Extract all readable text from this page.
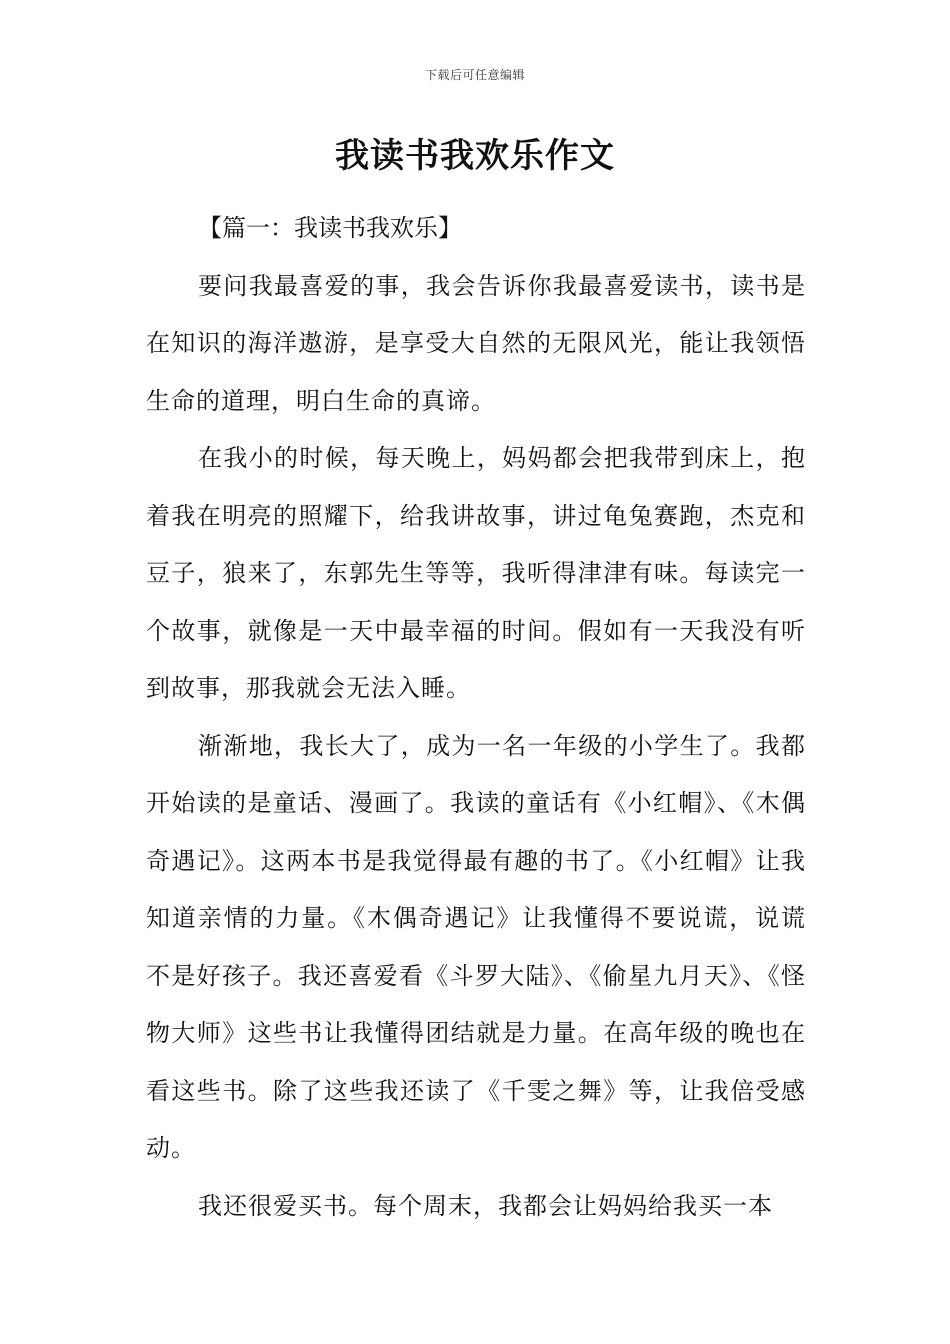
下载后可任意编辑
我读书我欢乐作文

【篇一：我读书我欢乐】

要问我最喜爱的事，我会告诉你我最喜爱读书，读书是在知识的海洋遨游，是享受大自然的无限风光，能让我领悟生命的道理，明白生命的真谛。

在我小的时候，每天晚上，妈妈都会把我带到床上，抱着我在明亮的照耀下，给我讲故事，讲过龟兔赛跑，杰克和豆子，狼来了，东郭先生等等，我听得津津有味。每读完一个故事，就像是一天中最幸福的时间。假如有一天我没有听到故事，那我就会无法入睡。

渐渐地，我长大了，成为一名一年级的小学生了。我都开始读的是童话、漫画了。我读的童话有《小红帽》、《木偶奇遇记》。这两本书是我觉得最有趣的书了。《小红帽》让我知道亲情的力量。《木偶奇遇记》让我懂得不要说谎，说谎不是好孩子。我还喜爱看《斗罗大陆》、《偷星九月天》、《怪物大师》这些书让我懂得团结就是力量。在高年级的晚也在看这些书。除了这些我还读了《千雯之舞》等，让我倍受感动。

我还很爱买书。每个周末，我都会让妈妈给我买一本
